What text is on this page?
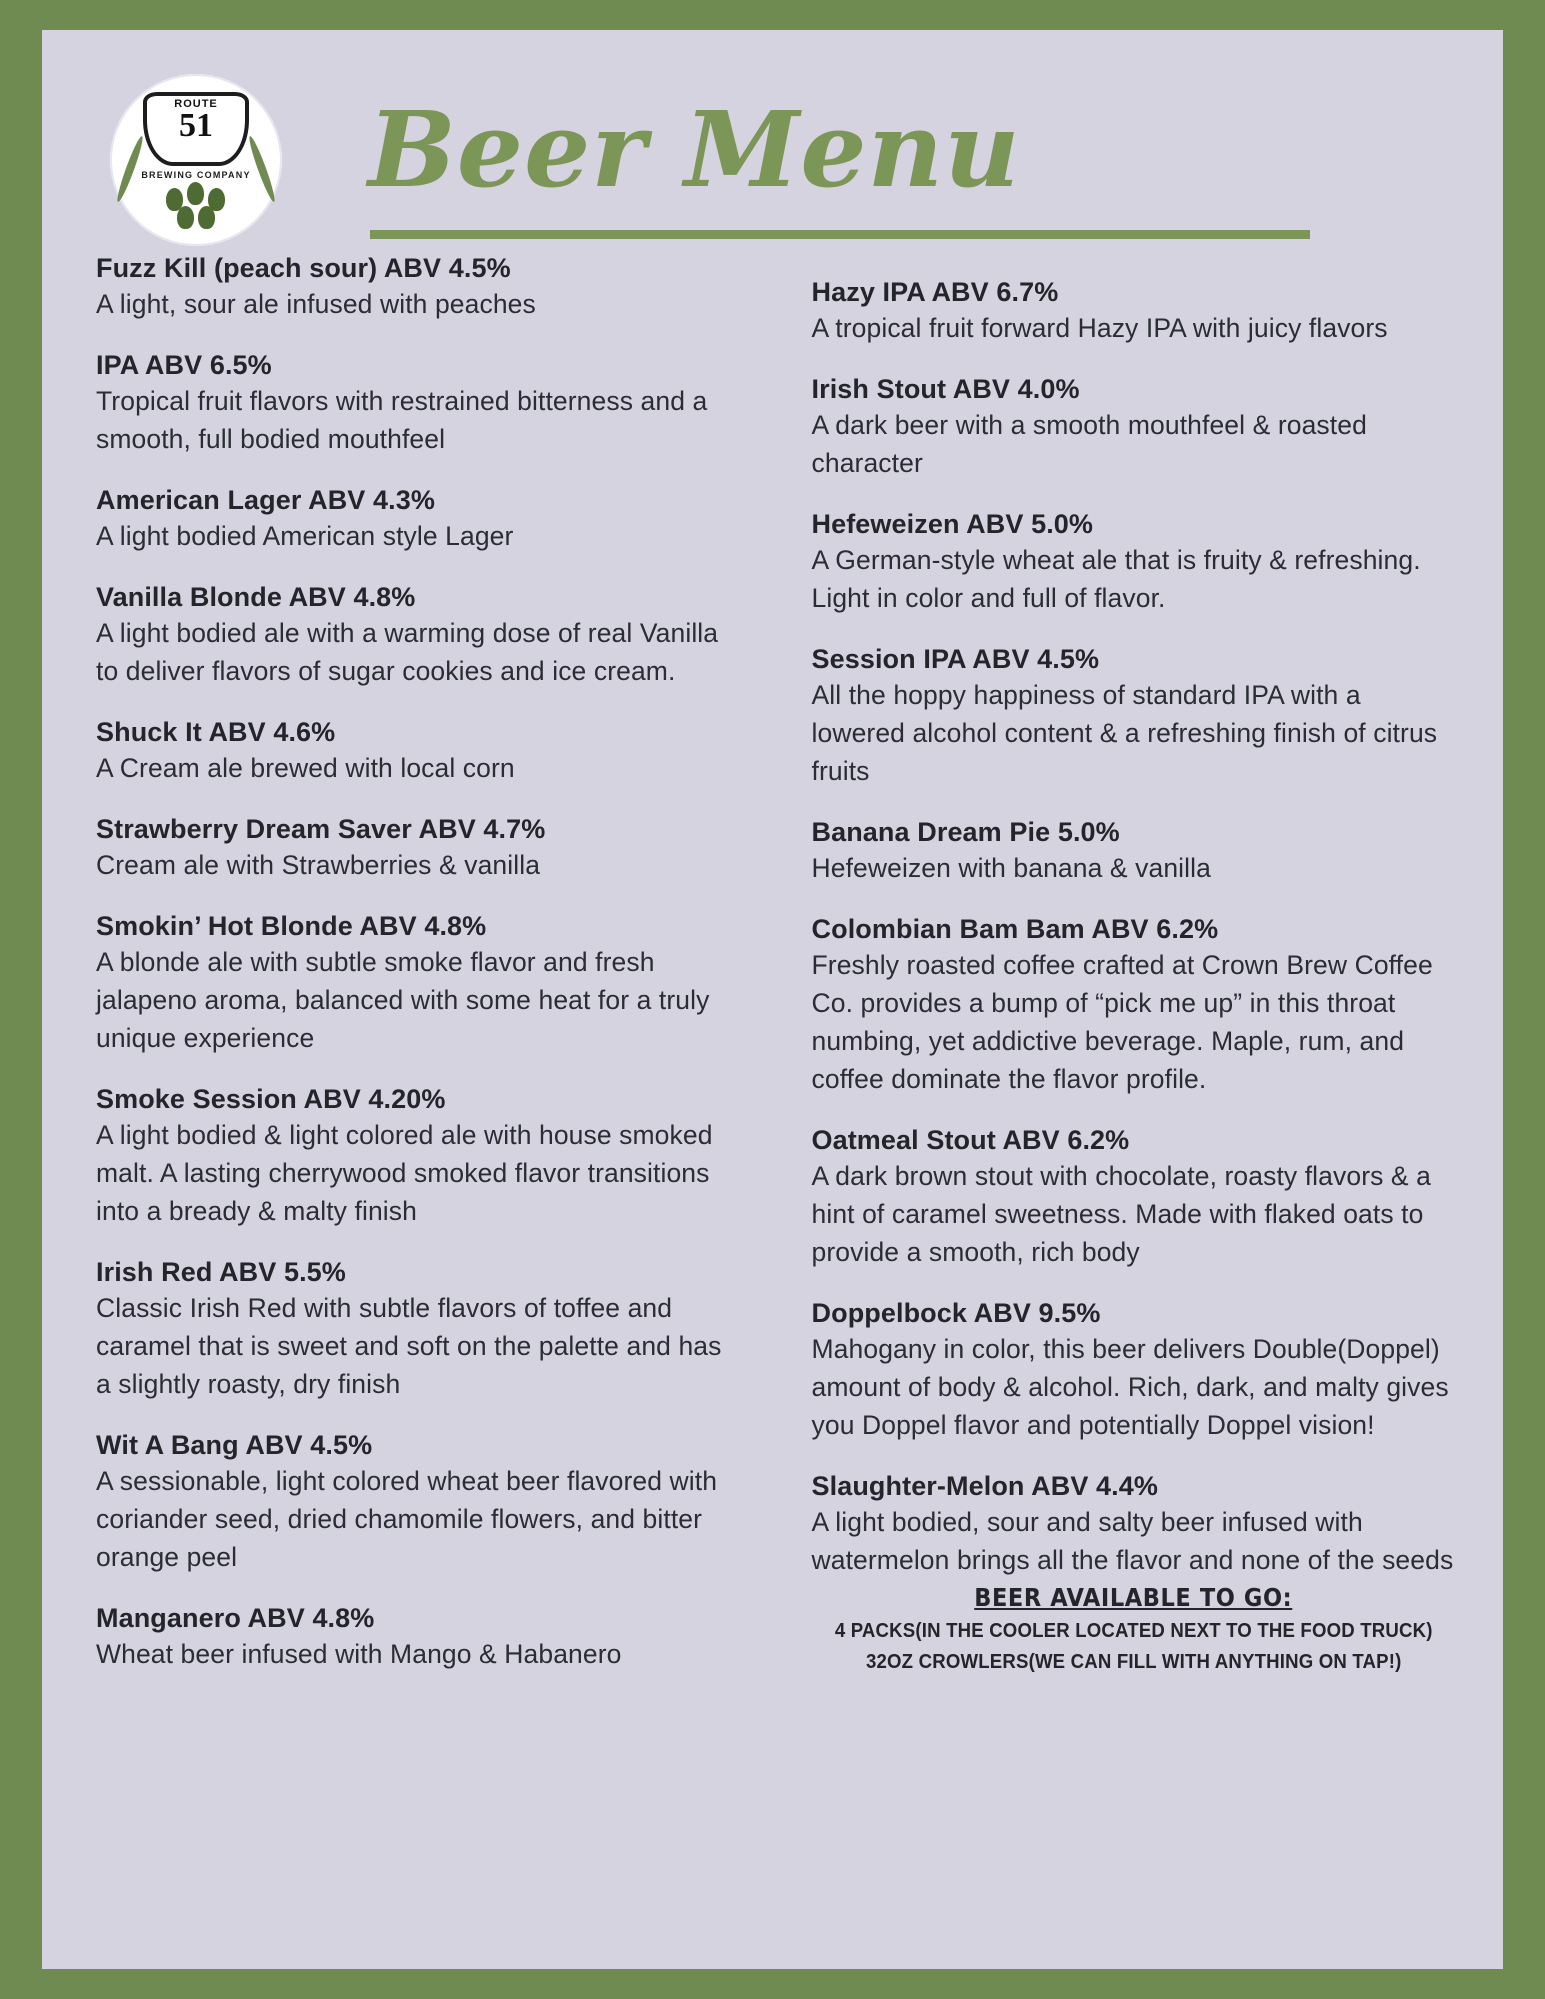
ROUTE
51
BREWING COMPANY	Beer Menu
Fuzz Kill (peach sour) ABV 4.5%
A light, sour ale infused with peaches
IPA ABV 6.5%
Tropical fruit flavors with restrained bitterness and a smooth, full bodied mouthfeel
American Lager ABV 4.3%
A light bodied American style Lager
Vanilla Blonde ABV 4.8%
A light bodied ale with a warming dose of real Vanilla to deliver flavors of sugar cookies and ice cream.
Shuck It ABV 4.6%
A Cream ale brewed with local corn
Strawberry Dream Saver ABV 4.7%
Cream ale with Strawberries & vanilla
Smokin’ Hot Blonde ABV 4.8%
A blonde ale with subtle smoke flavor and fresh jalapeno aroma, balanced with some heat for a truly unique experience
Smoke Session ABV 4.20%
A light bodied & light colored ale with house smoked malt. A lasting cherrywood smoked flavor transitions into a bready & malty finish
Irish Red ABV 5.5%
Classic Irish Red with subtle flavors of toffee and caramel that is sweet and soft on the palette and has a slightly roasty, dry finish
Wit A Bang ABV 4.5%
A sessionable, light colored wheat beer flavored with coriander seed, dried chamomile flowers, and bitter orange peel
Manganero ABV 4.8%
Wheat beer infused with Mango & Habanero
Hazy IPA ABV 6.7%
A tropical fruit forward Hazy IPA with juicy flavors
Irish Stout ABV 4.0%
A dark beer with a smooth mouthfeel & roasted character
Hefeweizen ABV 5.0%
A German-style wheat ale that is fruity & refreshing. Light in color and full of flavor.
Session IPA ABV 4.5%
All the hoppy happiness of standard IPA with a lowered alcohol content & a refreshing finish of citrus fruits
Banana Dream Pie 5.0%
Hefeweizen with banana & vanilla
Colombian Bam Bam ABV 6.2%
Freshly roasted coffee crafted at Crown Brew Coffee Co. provides a bump of “pick me up” in this throat numbing, yet addictive beverage. Maple, rum, and coffee dominate the flavor profile.
Oatmeal Stout ABV 6.2%
A dark brown stout with chocolate, roasty flavors & a hint of caramel sweetness. Made with flaked oats to provide a smooth, rich body
Doppelbock ABV 9.5%
Mahogany in color, this beer delivers Double(Doppel) amount of body & alcohol. Rich, dark, and malty gives you Doppel flavor and potentially Doppel vision!
Slaughter-Melon ABV 4.4%
A light bodied, sour and salty beer infused with watermelon brings all the flavor and none of the seeds
BEER AVAILABLE TO GO:
4 PACKS(IN THE COOLER LOCATED NEXT TO THE FOOD TRUCK)
32OZ CROWLERS(WE CAN FILL WITH ANYTHING ON TAP!)
